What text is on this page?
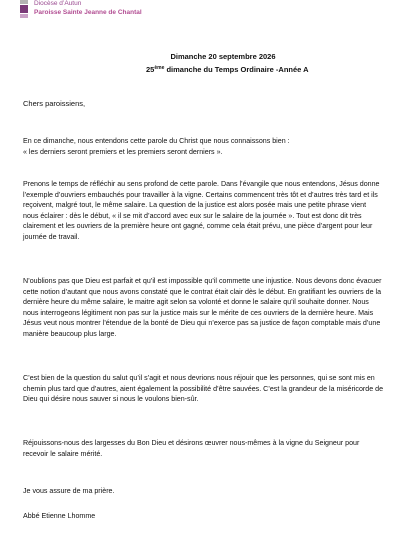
Diocèse d’Autun
Paroisse Sainte Jeanne de Chantal
Dimanche 20 septembre 2026
25ème dimanche du Temps Ordinaire -Année A
Chers paroissiens,

En ce dimanche, nous entendons cette parole du Christ que nous connaissons bien :
« les derniers seront premiers et les premiers seront derniers ».

Prenons le temps de réfléchir au sens profond de cette parole. Dans l’évangile que nous entendons, Jésus donne l’exemple d’ouvriers embauchés pour travailler à la vigne. Certains commencent très tôt et d’autres très tard et ils reçoivent, malgré tout, le même salaire. La question de la justice est alors posée mais une petite phrase vient nous éclairer : dès le début, « il se mit d’accord avec eux sur le salaire de la journée ». Tout est donc dit très clairement et les ouvriers de la première heure ont gagné, comme cela était prévu, une pièce d’argent pour leur journée de travail.

N’oublions pas que Dieu est parfait et qu’il est impossible qu’il commette une injustice. Nous devons donc évacuer cette notion d’autant que nous avons constaté que le contrat était clair dès le début. En gratifiant les ouvriers de la dernière heure du même salaire, le maitre agit selon sa volonté et donne le salaire qu’il souhaite donner. Nous nous interrogeons légitiment non pas sur la justice mais sur le mérite de ces ouvriers de la dernière heure. Mais Jésus veut nous montrer l’étendue de la bonté de Dieu qui n’exerce pas sa justice de façon comptable mais d’une manière beaucoup plus large.

C’est bien de la question du salut qu’il s’agit et nous devrions nous réjouir que les personnes, qui se sont mis en chemin plus tard que d’autres, aient également la possibilité d’être sauvées. C’est la grandeur de la miséricorde de Dieu qui désire nous sauver si nous le voulons bien-sûr.

Réjouissons-nous des largesses du Bon Dieu et désirons œuvrer nous-mêmes à la vigne du Seigneur pour recevoir le salaire mérité.

Je vous assure de ma prière.
Abbé Etienne Lhomme
